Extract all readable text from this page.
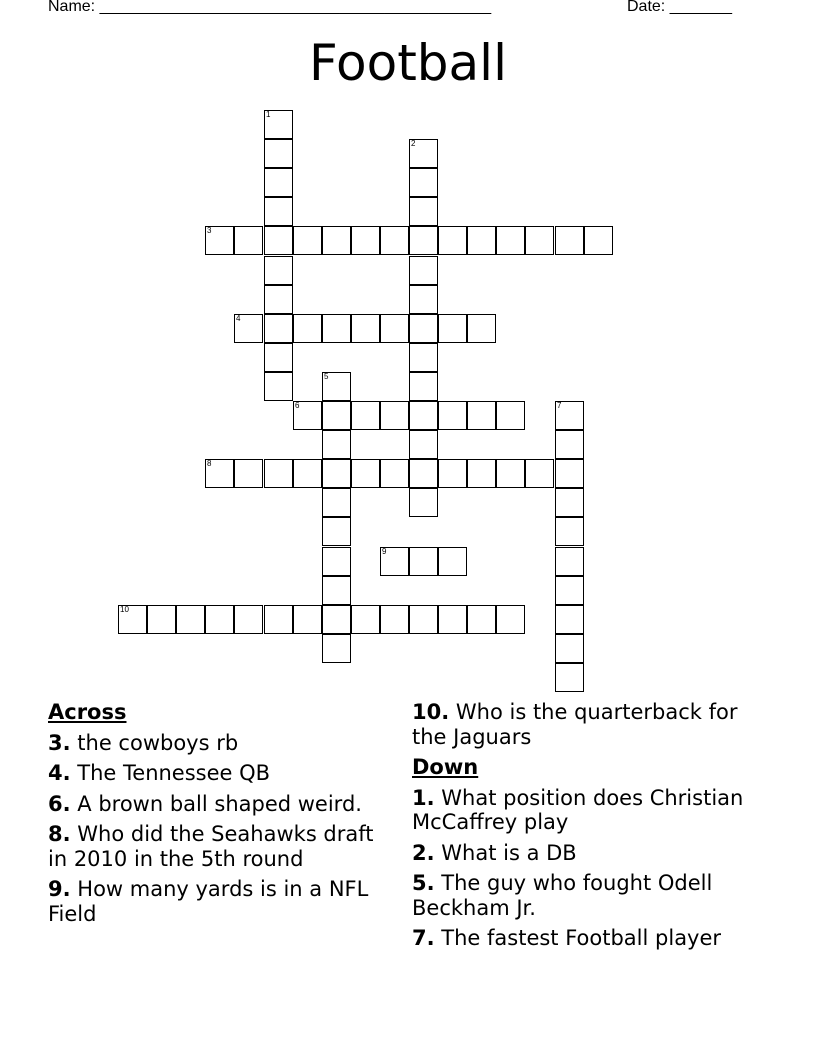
Name: ____________________________________________	Date: _______
Football
1
2
3
4
5
6	7
8
9
10
Across
3. the cowboys rb
4. The Tennessee QB
6. A brown ball shaped weird.
8. Who did the Seahawks draft in 2010 in the 5th round
9. How many yards is in a NFL Field
10. Who is the quarterback for the Jaguars
Down
1. What position does Christian McCaffrey play
2. What is a DB
5. The guy who fought Odell Beckham Jr.
7. The fastest Football player
